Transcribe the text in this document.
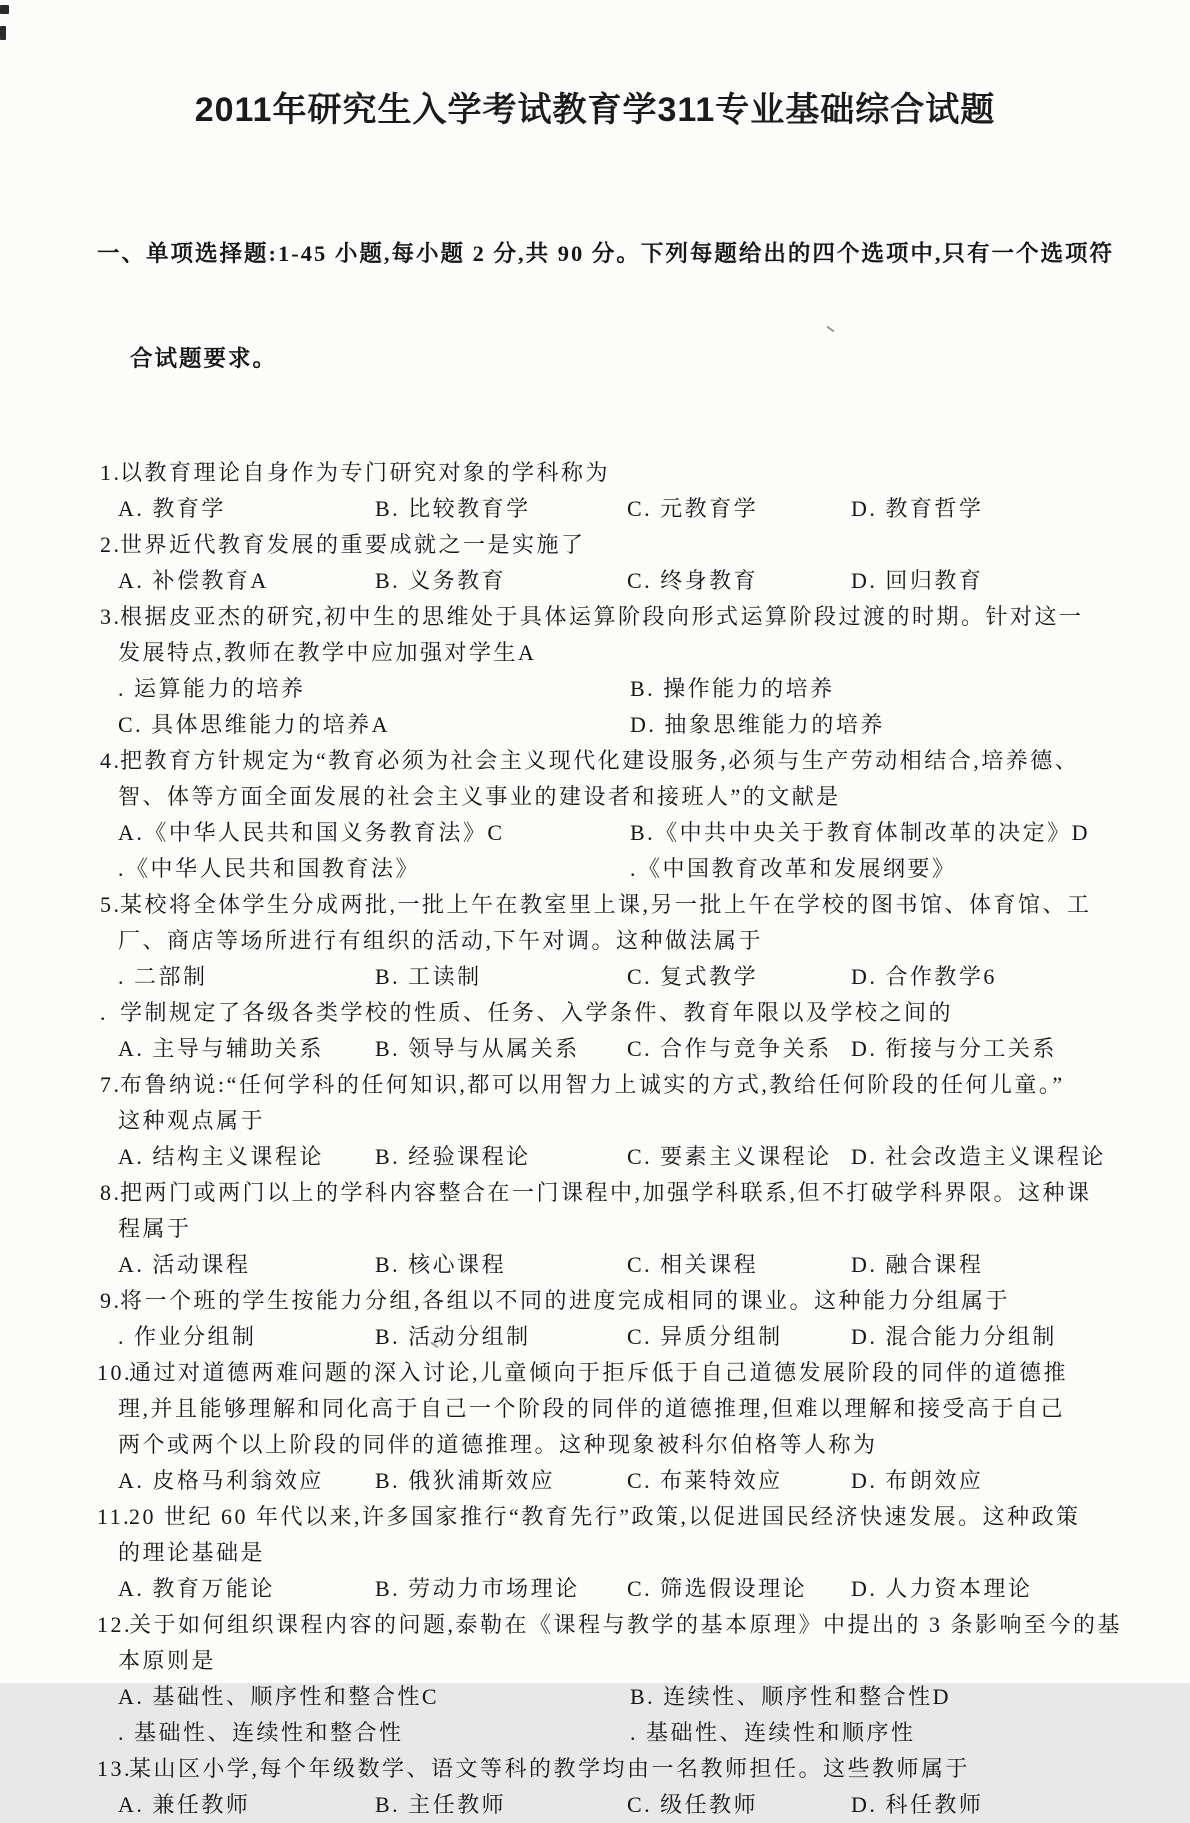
2011年研究生入学考试教育学311专业基础综合试题

一、单项选择题:1-45 小题,每小题 2 分,共 90 分。下列每题给出的四个选项中,只有一个选项符

合试题要求。

1.
以教育理论自身作为专门研究对象的学科称为
A. 教育学	B. 比较教育学	C. 元教育学	D. 教育哲学
2.
世界近代教育发展的重要成就之一是实施了
A. 补偿教育A	B. 义务教育	C. 终身教育	D. 回归教育
3.
根据皮亚杰的研究,初中生的思维处于具体运算阶段向形式运算阶段过渡的时期。针对这一
发展特点,教师在教学中应加强对学生A
. 运算能力的培养	B. 操作能力的培养
C. 具体思维能力的培养A	D. 抽象思维能力的培养
4.
把教育方针规定为“教育必须为社会主义现代化建设服务,必须与生产劳动相结合,培养德、
智、体等方面全面发展的社会主义事业的建设者和接班人”的文献是
A.《中华人民共和国义务教育法》C	B.《中共中央关于教育体制改革的决定》D
.《中华人民共和国教育法》	.《中国教育改革和发展纲要》
5.
某校将全体学生分成两批,一批上午在教室里上课,另一批上午在学校的图书馆、体育馆、工
厂、商店等场所进行有组织的活动,下午对调。这种做法属于
. 二部制	B. 工读制	C. 复式教学	D. 合作教学6
. 学制规定了各级各类学校的性质、任务、入学条件、教育年限以及学校之间的
A. 主导与辅助关系	B. 领导与从属关系	C. 合作与竞争关系 D. 衔接与分工关系
7.
布鲁纳说:“任何学科的任何知识,都可以用智力上诚实的方式,教给任何阶段的任何儿童。”
这种观点属于
A. 结构主义课程论	B. 经验课程论	C. 要素主义课程论 D. 社会改造主义课程论
8.
把两门或两门以上的学科内容整合在一门课程中,加强学科联系,但不打破学科界限。这种课
程属于
A. 活动课程	B. 核心课程	C. 相关课程	D. 融合课程
9.
将一个班的学生按能力分组,各组以不同的进度完成相同的课业。这种能力分组属于
. 作业分组制	B. 活动分组制	C. 异质分组制	D. 混合能力分组制
10.
通过对道德两难问题的深入讨论,儿童倾向于拒斥低于自己道德发展阶段的同伴的道德推
理,并且能够理解和同化高于自己一个阶段的同伴的道德推理,但难以理解和接受高于自己
两个或两个以上阶段的同伴的道德推理。这种现象被科尔伯格等人称为
A. 皮格马利翁效应	B. 俄狄浦斯效应	C. 布莱特效应	D. 布朗效应
11.
20 世纪 60 年代以来,许多国家推行“教育先行”政策,以促进国民经济快速发展。这种政策
的理论基础是
A. 教育万能论	B. 劳动力市场理论	C. 筛选假设理论	D. 人力资本理论
12.
关于如何组织课程内容的问题,泰勒在《课程与教学的基本原理》中提出的 3 条影响至今的基
本原则是
A. 基础性、顺序性和整合性C	B. 连续性、顺序性和整合性D
. 基础性、连续性和整合性	. 基础性、连续性和顺序性
13.
某山区小学,每个年级数学、语文等科的教学均由一名教师担任。这些教师属于
A. 兼任教师	B. 主任教师	C. 级任教师	D. 科任教师
